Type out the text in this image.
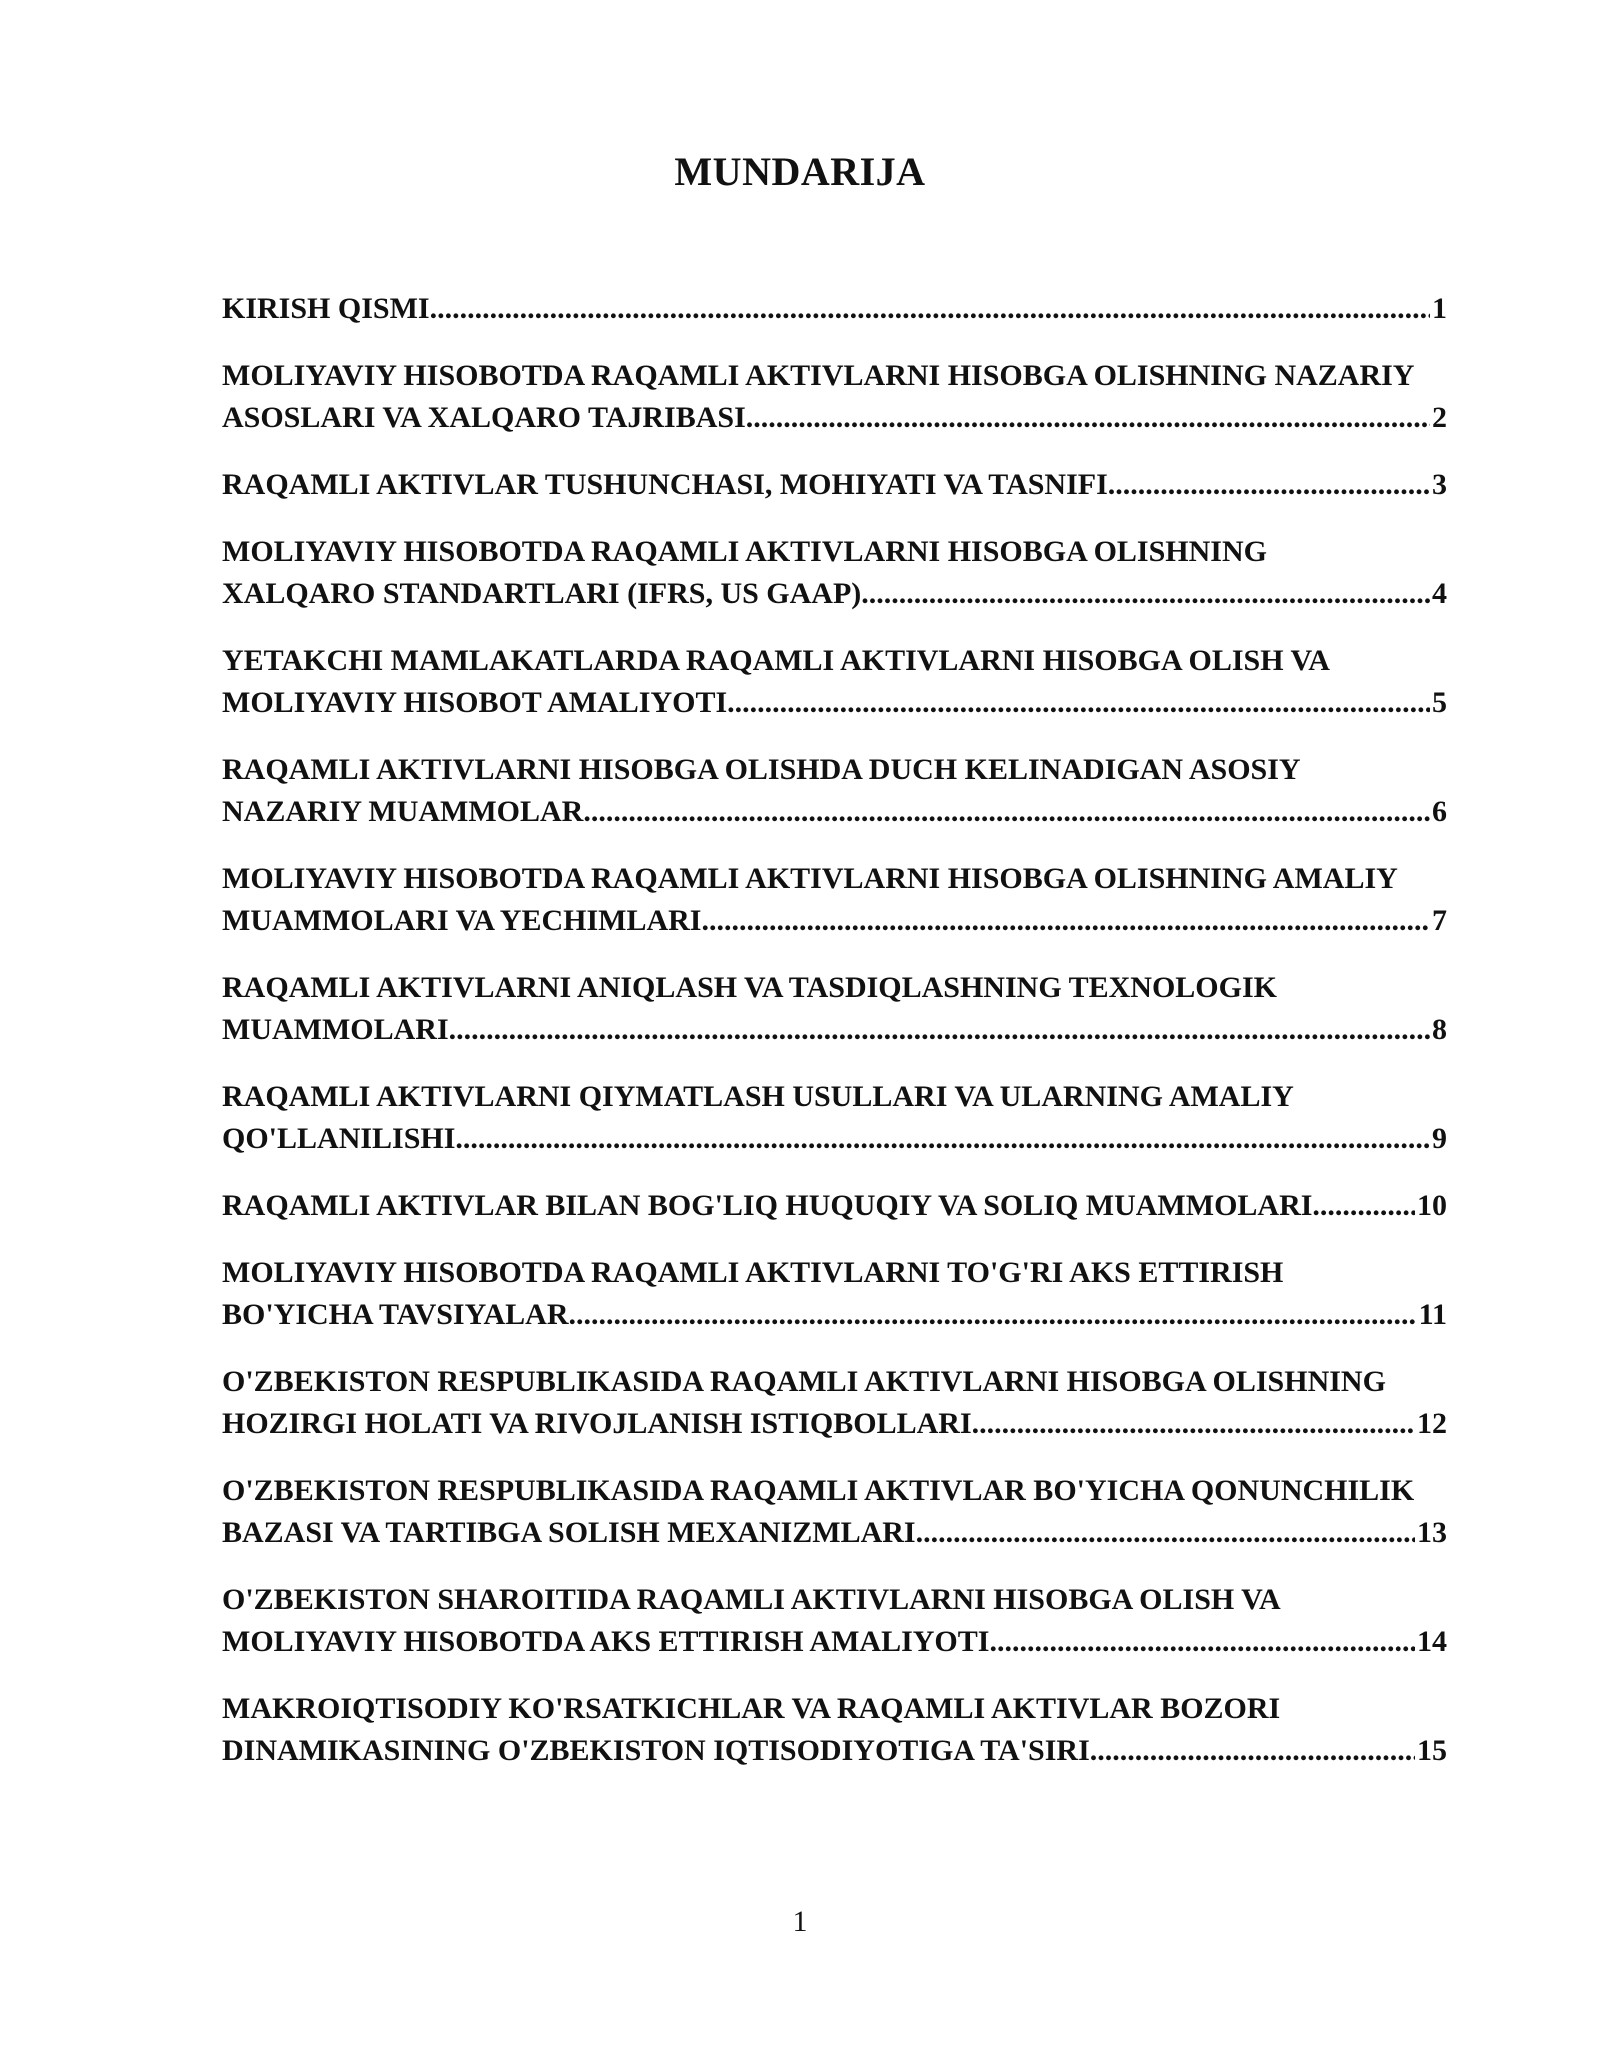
MUNDARIJA
KIRISH QISMI .....	1
MOLIYAVIY HISOBOTDA RAQAMLI AKTIVLARNI HISOBGA OLISHNING NAZARIY
ASOSLARI VA XALQARO TAJRIBASI .....	2
RAQAMLI AKTIVLAR TUSHUNCHASI, MOHIYATI VA TASNIFI .....	3
MOLIYAVIY HISOBOTDA RAQAMLI AKTIVLARNI HISOBGA OLISHNING
XALQARO STANDARTLARI (IFRS, US GAAP) .....	4
YETAKCHI MAMLAKATLARDA RAQAMLI AKTIVLARNI HISOBGA OLISH VA
MOLIYAVIY HISOBOT AMALIYOTI .....	5
RAQAMLI AKTIVLARNI HISOBGA OLISHDA DUCH KELINADIGAN ASOSIY
NAZARIY MUAMMOLAR .....	6
MOLIYAVIY HISOBOTDA RAQAMLI AKTIVLARNI HISOBGA OLISHNING AMALIY
MUAMMOLARI VA YECHIMLARI .....	7
RAQAMLI AKTIVLARNI ANIQLASH VA TASDIQLASHNING TEXNOLOGIK
MUAMMOLARI .....	8
RAQAMLI AKTIVLARNI QIYMATLASH USULLARI VA ULARNING AMALIY
QO'LLANILISHI .....	9
RAQAMLI AKTIVLAR BILAN BOG'LIQ HUQUQIY VA SOLIQ MUAMMOLARI .....	10
MOLIYAVIY HISOBOTDA RAQAMLI AKTIVLARNI TO'G'RI AKS ETTIRISH
BO'YICHA TAVSIYALAR .....	11
O'ZBEKISTON RESPUBLIKASIDA RAQAMLI AKTIVLARNI HISOBGA OLISHNING
HOZIRGI HOLATI VA RIVOJLANISH ISTIQBOLLARI .....	12
O'ZBEKISTON RESPUBLIKASIDA RAQAMLI AKTIVLAR BO'YICHA QONUNCHILIK
BAZASI VA TARTIBGA SOLISH MEXANIZMLARI .....	13
O'ZBEKISTON SHAROITIDA RAQAMLI AKTIVLARNI HISOBGA OLISH VA
MOLIYAVIY HISOBOTDA AKS ETTIRISH AMALIYOTI .....	14
MAKROIQTISODIY KO'RSATKICHLAR VA RAQAMLI AKTIVLAR BOZORI
DINAMIKASINING O'ZBEKISTON IQTISODIYOTIGA TA'SIRI .....	15
1
